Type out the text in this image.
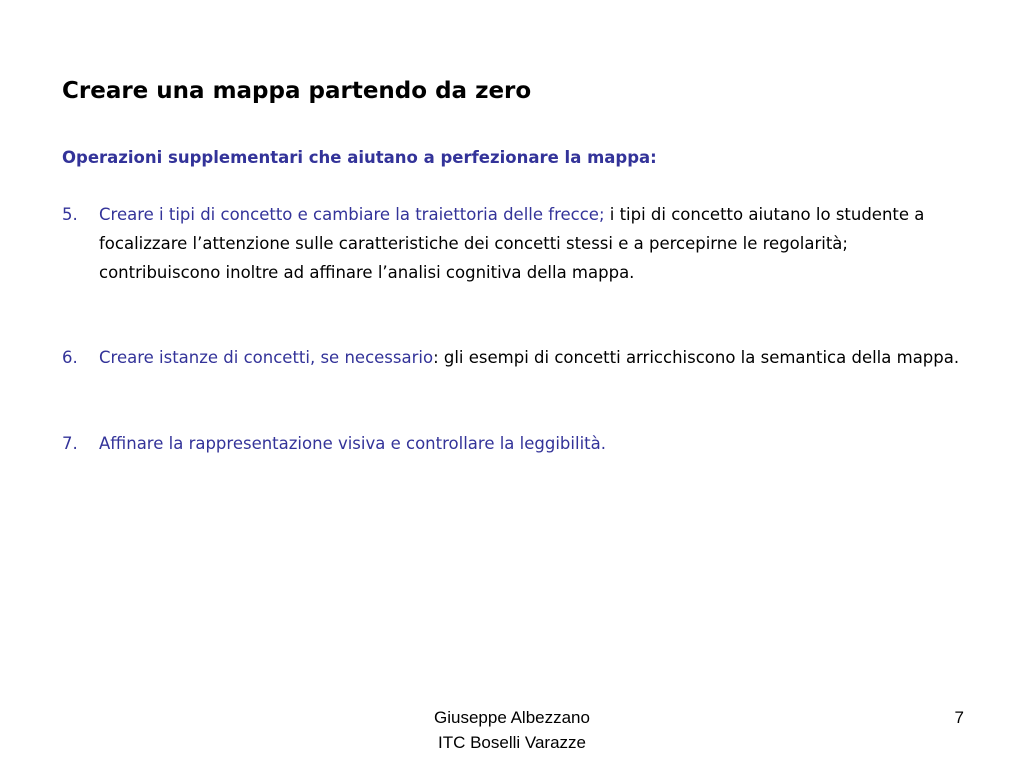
Creare una mappa partendo da zero
Operazioni supplementari che aiutano a perfezionare la mappa:
5. Creare i tipi di concetto e cambiare la traiettoria delle frecce; i tipi di concetto aiutano lo studente a focalizzare l’attenzione sulle caratteristiche dei concetti stessi e a percepirne le regolarità; contribuiscono inoltre ad affinare l’analisi cognitiva della mappa.
6. Creare istanze di concetti, se necessario: gli esempi di concetti arricchiscono la semantica della mappa.
7. Affinare la rappresentazione visiva e controllare la leggibilità.
Giuseppe Albezzano
ITC Boselli Varazze
7
